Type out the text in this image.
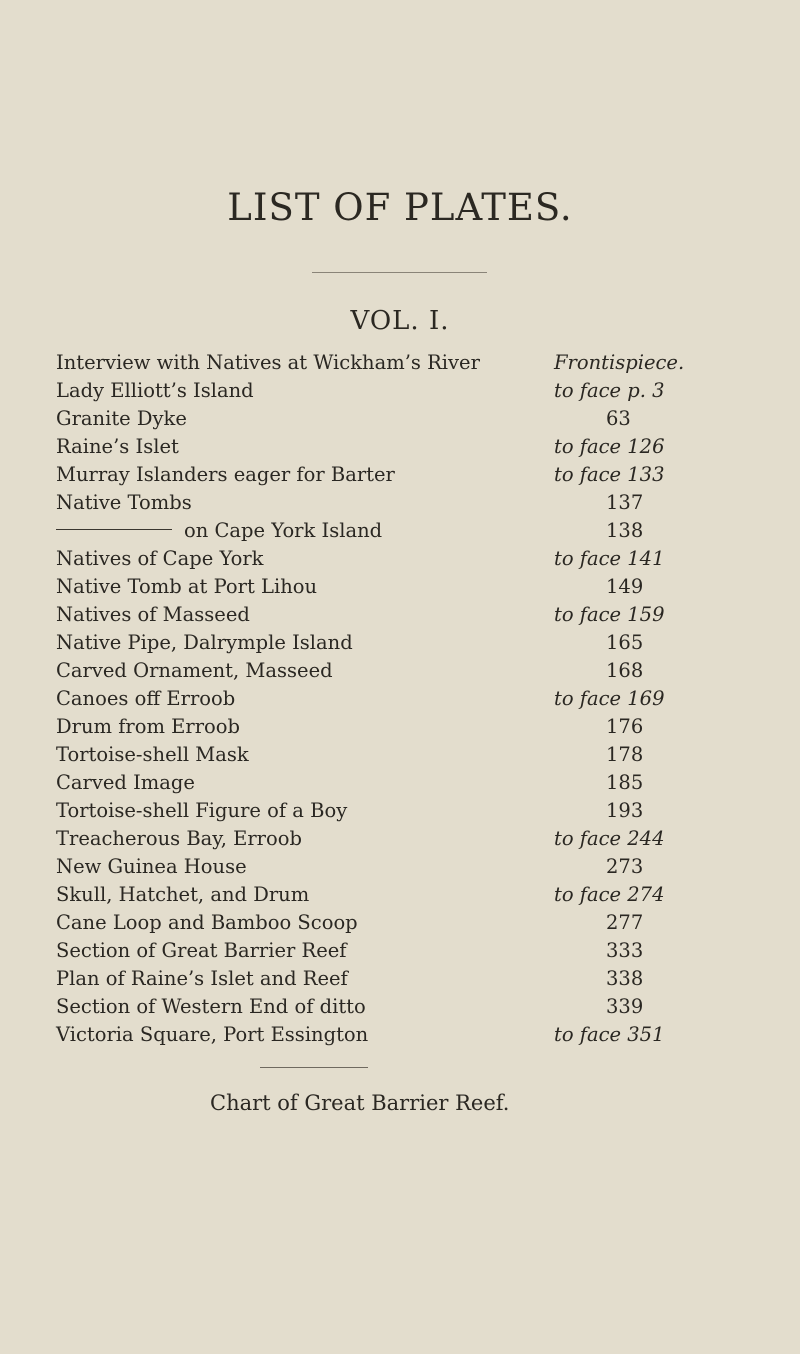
LIST OF PLATES.
VOL. I.
Interview with Natives at Wickham’s River	Frontispiece.
Lady Elliott’s Island	to face p. 3
Granite Dyke	63
Raine’s Islet	to face 126
Murray Islanders eager for Barter	to face 133
Native Tombs	137
on Cape York Island	138
Natives of Cape York	to face 141
Native Tomb at Port Lihou	149
Natives of Masseed	to face 159
Native Pipe, Dalrymple Island	165
Carved Ornament, Masseed	168
Canoes off Erroob	to face 169
Drum from Erroob	176
Tortoise-shell Mask	178
Carved Image	185
Tortoise-shell Figure of a Boy	193
Treacherous Bay, Erroob	to face 244
New Guinea House	273
Skull, Hatchet, and Drum	to face 274
Cane Loop and Bamboo Scoop	277
Section of Great Barrier Reef	333
Plan of Raine’s Islet and Reef	338
Section of Western End of ditto	339
Victoria Square, Port Essington	to face 351
Chart of Great Barrier Reef.
